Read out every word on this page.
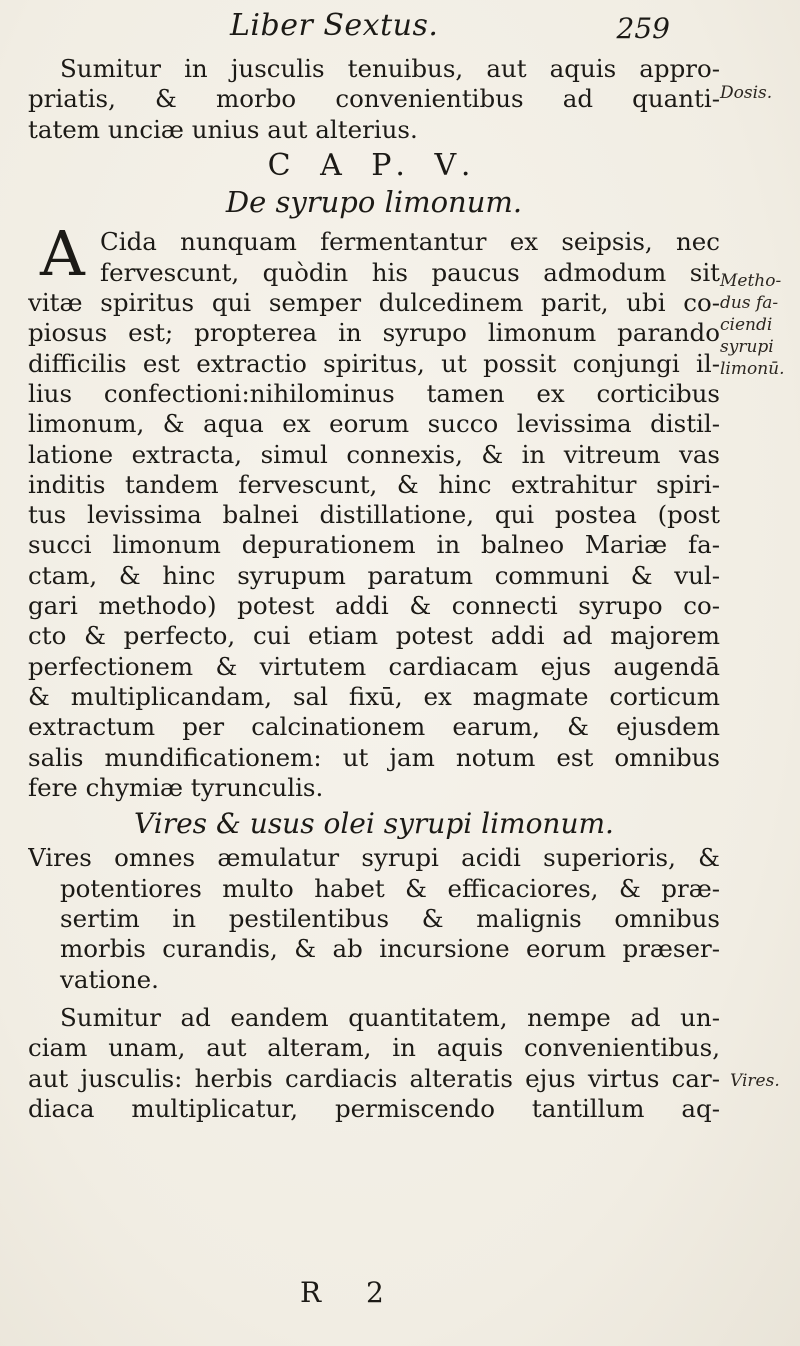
Liber Sextus.	259
Dosis.
Metho-
dus fa-
ciendi
syrupi
limonū.
Vires.
Sumitur in jusculis tenuibus, aut aquis appro-
priatis, & morbo convenientibus ad quanti-
tatem unciæ unius aut alterius.
C A P. V.
De syrupo limonum.
A Cida nunquam fermentantur ex seipsis, nec
fervescunt, quòdin his paucus admodum sit
vitæ spiritus qui semper dulcedinem parit, ubi co-
piosus est; propterea in syrupo limonum parando
difficilis est extractio spiritus, ut possit conjungi il-
lius confectioni:nihilominus tamen ex corticibus
limonum, & aqua ex eorum succo levissima distil-
latione extracta, simul connexis, & in vitreum vas
inditis tandem fervescunt, & hinc extrahitur spiri-
tus levissima balnei distillatione, qui postea (post
succi limonum depurationem in balneo Mariæ fa-
ctam, & hinc syrupum paratum communi & vul-
gari methodo) potest addi & connecti syrupo co-
cto & perfecto, cui etiam potest addi ad majorem
perfectionem & virtutem cardiacam ejus augendā
& multiplicandam, sal fixū, ex magmate corticum
extractum per calcinationem earum, & ejusdem
salis mundificationem: ut jam notum est omnibus
fere chymiæ tyrunculis.
Vires & usus olei syrupi limonum.
Vires omnes æmulatur syrupi acidi superioris, &
potentiores multo habet & efficaciores, & præ-
sertim in pestilentibus & malignis omnibus
morbis curandis, & ab incursione eorum præser-
vatione.
Sumitur ad eandem quantitatem, nempe ad un-
ciam unam, aut alteram, in aquis convenientibus,
aut jusculis: herbis cardiacis alteratis ejus virtus car-
diaca multiplicatur, permiscendo tantillum aq-
R 2
